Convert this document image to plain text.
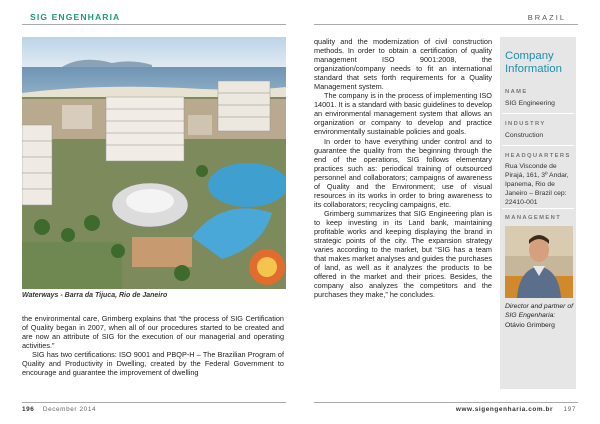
SIG ENGENHARIA	BRAZIL
Waterways - Barra da Tijuca, Rio de Janeiro

the environmental care, Grimberg explains that “the process of SIG Certification of Quality began in 2007, when all of our procedures started to be created and are now an attribute of SIG for the execution of our managerial and operating activities.”

SIG has two certifications: ISO 9001 and PBQP-H – The Brazilian Program of Quality and Productivity in Dwelling, created by the Federal Government to encourage and guarantee the improvement of dwelling

quality and the modernization of civil construction methods. In order to obtain a certification of quality management ISO 9001:2008, the organization/company needs to fit an international standard that sets forth requirements for a Quality Management system.

The company is in the process of implementing ISO 14001. It is a standard with basic guidelines to develop an environmental management system that allows an organization or company to develop and practice environmentally sustainable policies and goals.

In order to have everything under control and to guarantee the quality from the beginning through the end of the operations, SIG follows elementary practices such as: periodical training of outsourced personnel and collaborators; campaigns of awareness of Quality and the Environment; use of visual resources in its works in order to bring awareness to its collaborators; recycling campaigns, etc.

Grimberg summarizes that SIG Engineering plan is to keep investing in its Land bank, maintaining profitable works and keeping displaying the brand in strategic points of the city. The expansion strategy varies according to the market, but “SIG has a team that makes market analyses and guides the purchases of land, as well as it analyzes the products to be offered in the market and their prices. Besides, the company also analyzes the competitors and the purchases they make,” he concludes.

Company Information
NAME
SIG Engineering
INDUSTRY
Construction
HEADQUARTERS
Rua Visconde de Pirajá, 161, 3º Andar, Ipanema, Rio de Janeiro – Brazil cep: 22410-001
MANAGEMENT
Director and partner of SIG Engenharia:
Otávio Grimberg
196 December 2014	www.sigengenharia.com.br 197
